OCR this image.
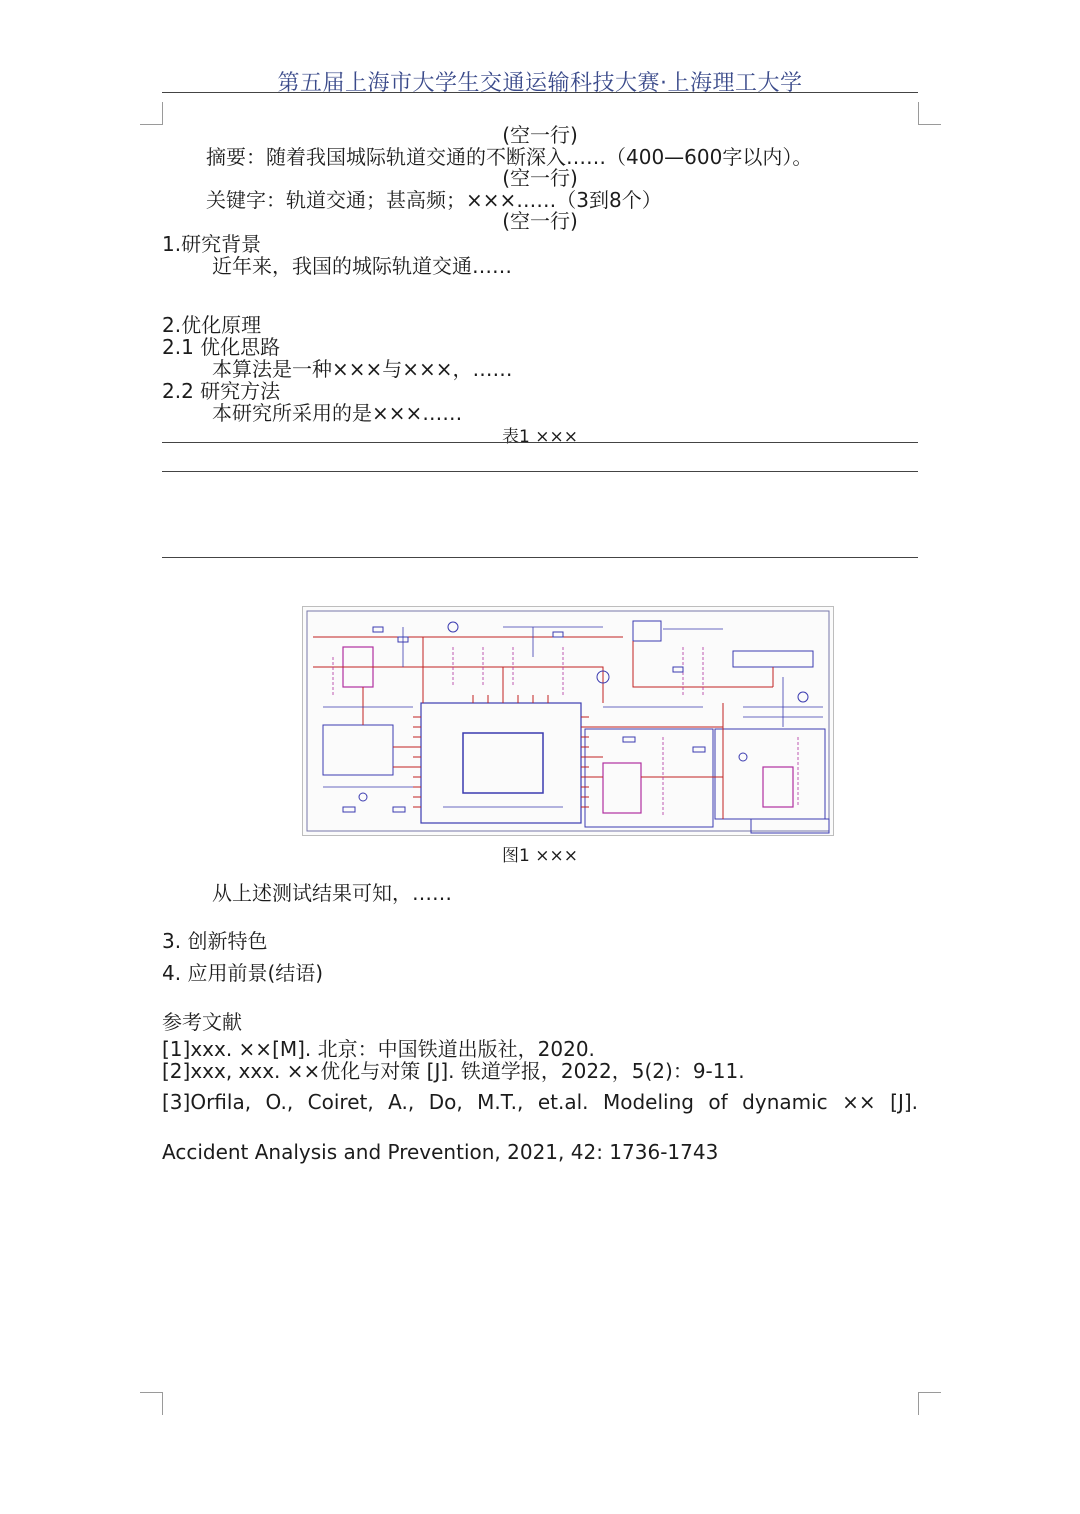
第五届上海市大学生交通运输科技大赛·上海理工大学
(空一行)
摘要：随着我国城际轨道交通的不断深入……（400—600字以内）。
(空一行)
关键字：轨道交通；甚高频；×××……（3到8个）
(空一行)
1.研究背景
近年来，我国的城际轨道交通……
2.优化原理
2.1 优化思路
本算法是一种×××与×××，……
2.2 研究方法
本研究所采用的是×××……
表1 ×××
图1 ×××
从上述测试结果可知，……
3. 创新特色
4. 应用前景(结语)
参考文献
[1]xxx. ××[M]. 北京：中国铁道出版社，2020.
[2]xxx, xxx. ××优化与对策 [J]. 铁道学报，2022，5(2)：9-11.
[3]Orfila, O., Coiret, A., Do, M.T., et.al. Modeling of dynamic ×× [J].
Accident Analysis and Prevention, 2021, 42: 1736-1743
